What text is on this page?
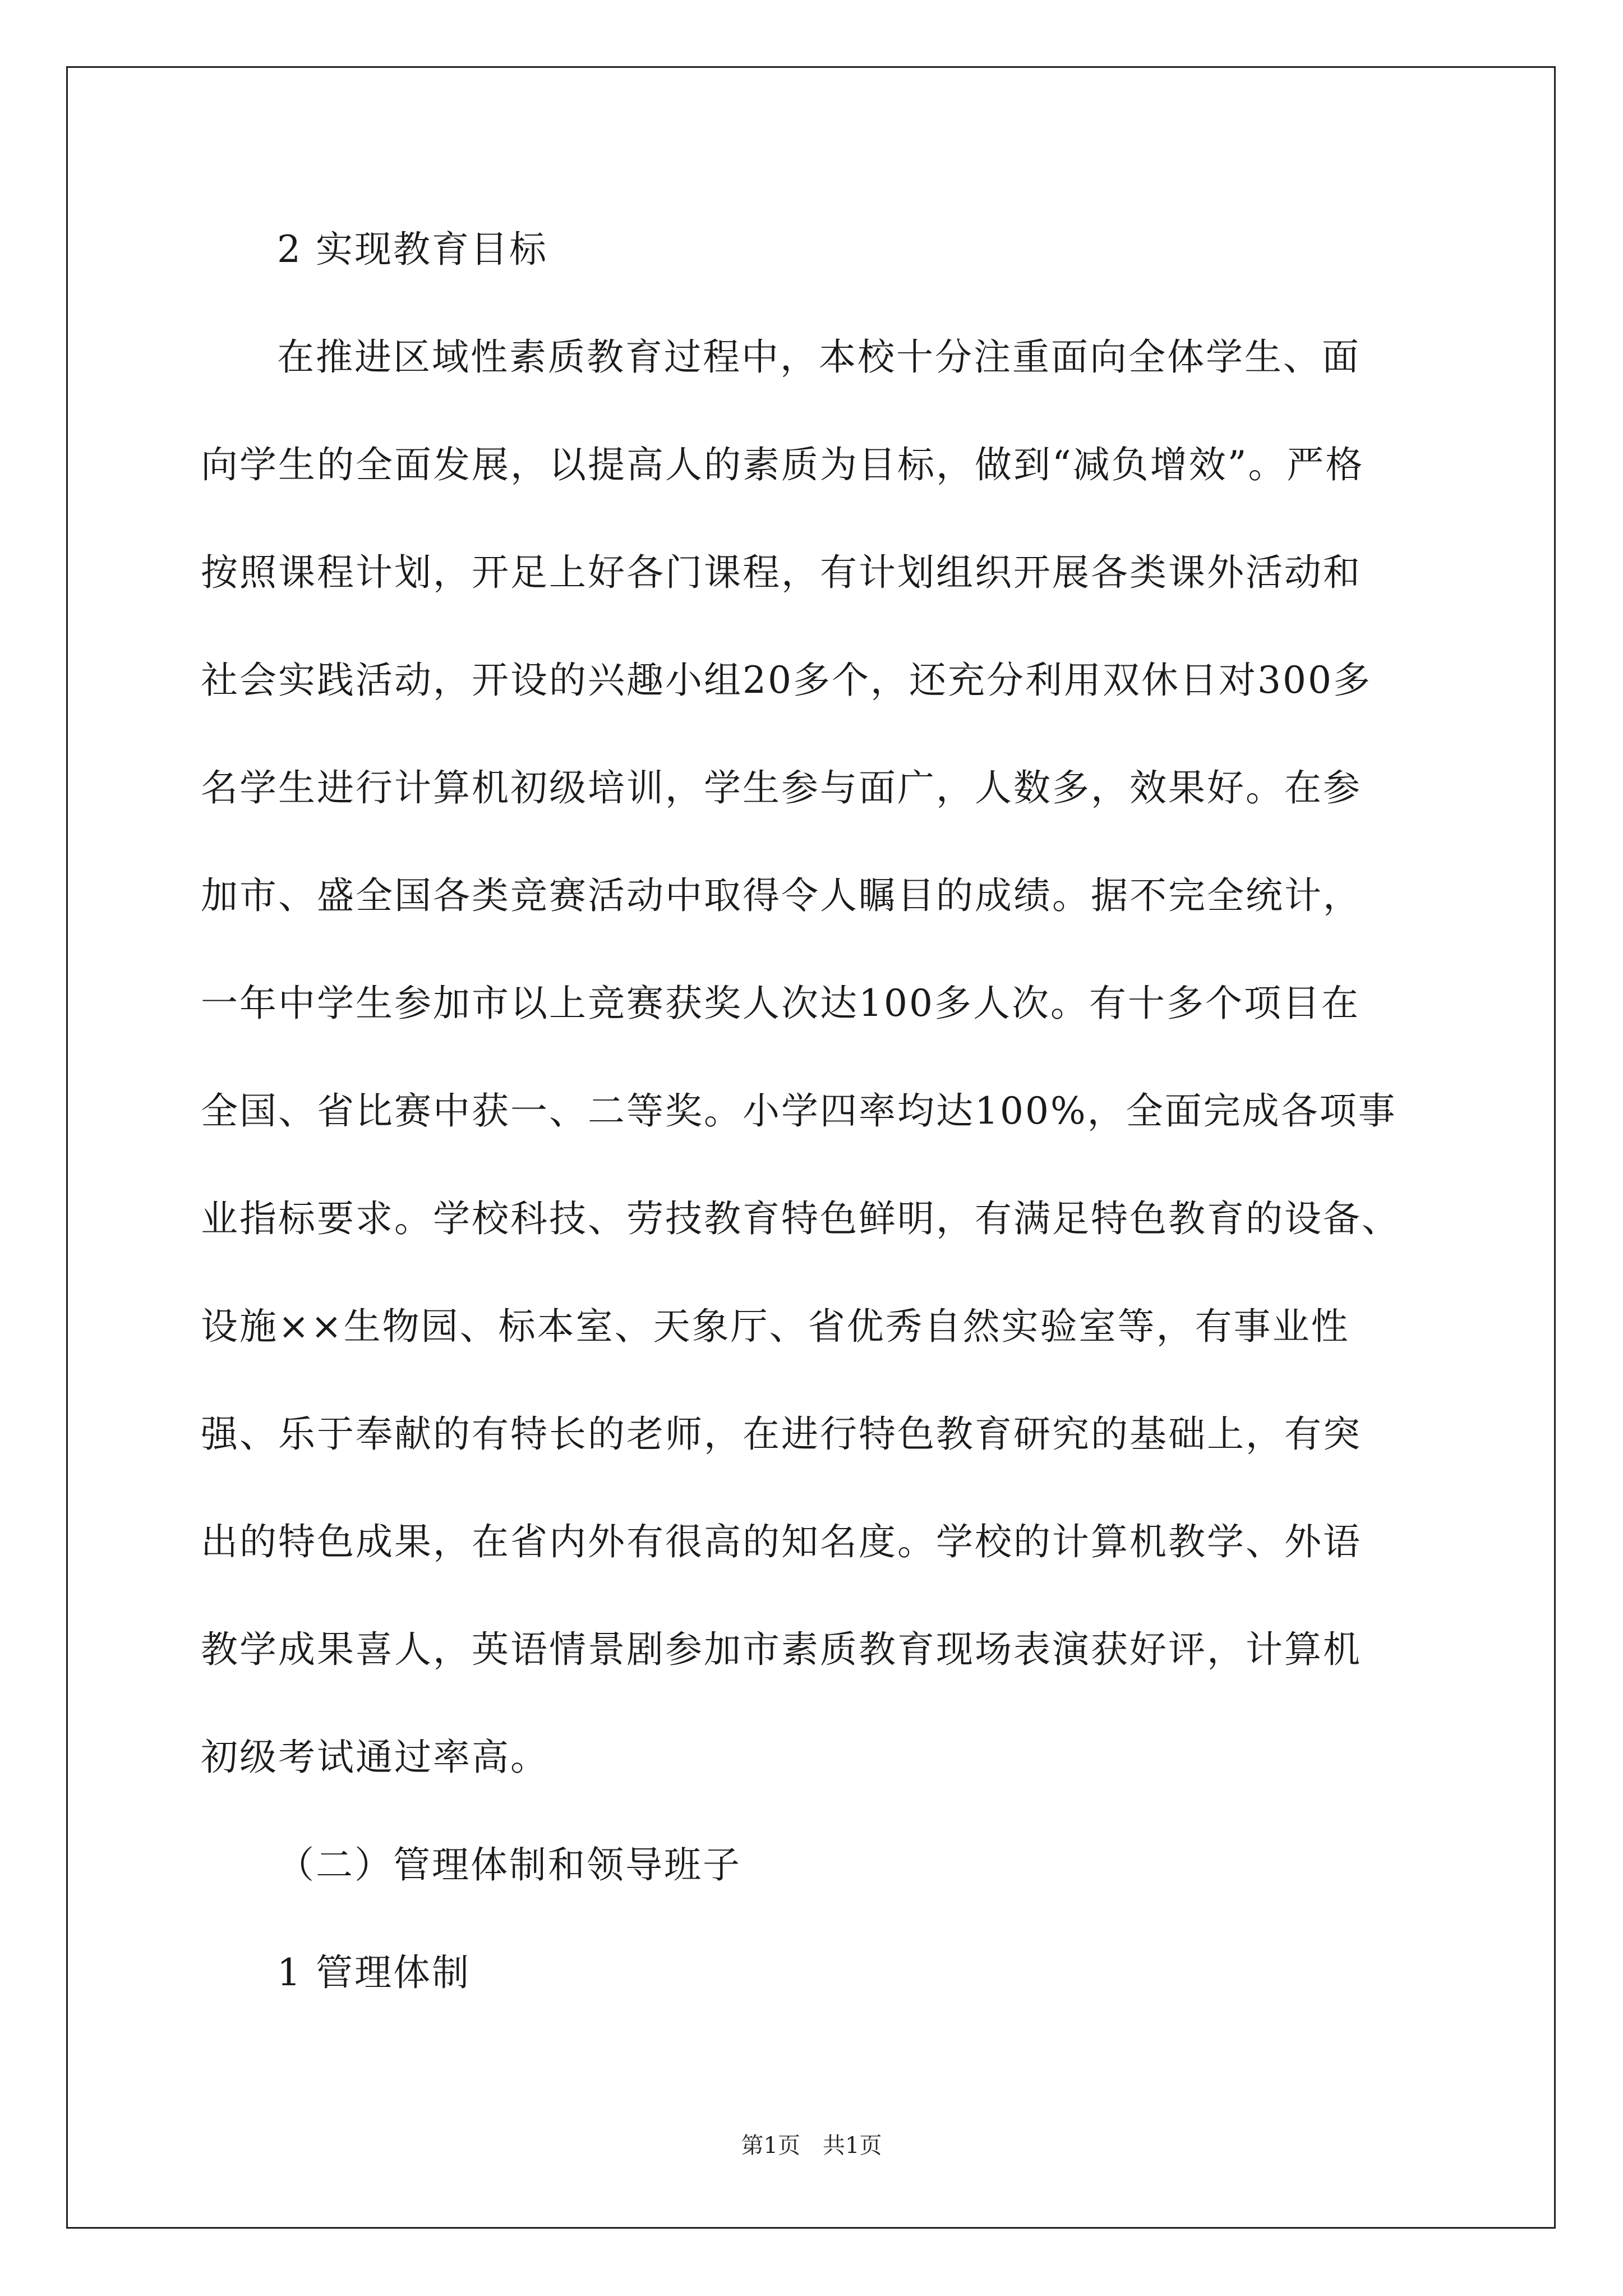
2 实现教育目标
在推进区域性素质教育过程中，本校十分注重面向全体学生、面
向学生的全面发展，以提高人的素质为目标，做到“减负增效”。严格
按照课程计划，开足上好各门课程，有计划组织开展各类课外活动和
社会实践活动，开设的兴趣小组20多个，还充分利用双休日对300多
名学生进行计算机初级培训，学生参与面广，人数多，效果好。在参
加市、盛全国各类竞赛活动中取得令人瞩目的成绩。据不完全统计，
一年中学生参加市以上竞赛获奖人次达100多人次。有十多个项目在
全国、省比赛中获一、二等奖。小学四率均达100%，全面完成各项事
业指标要求。学校科技、劳技教育特色鲜明，有满足特色教育的设备、
设施××生物园、标本室、天象厅、省优秀自然实验室等，有事业性
强、乐于奉献的有特长的老师，在进行特色教育研究的基础上，有突
出的特色成果，在省内外有很高的知名度。学校的计算机教学、外语
教学成果喜人，英语情景剧参加市素质教育现场表演获好评，计算机
初级考试通过率高。
（二）管理体制和领导班子
1 管理体制
第1页　共1页
